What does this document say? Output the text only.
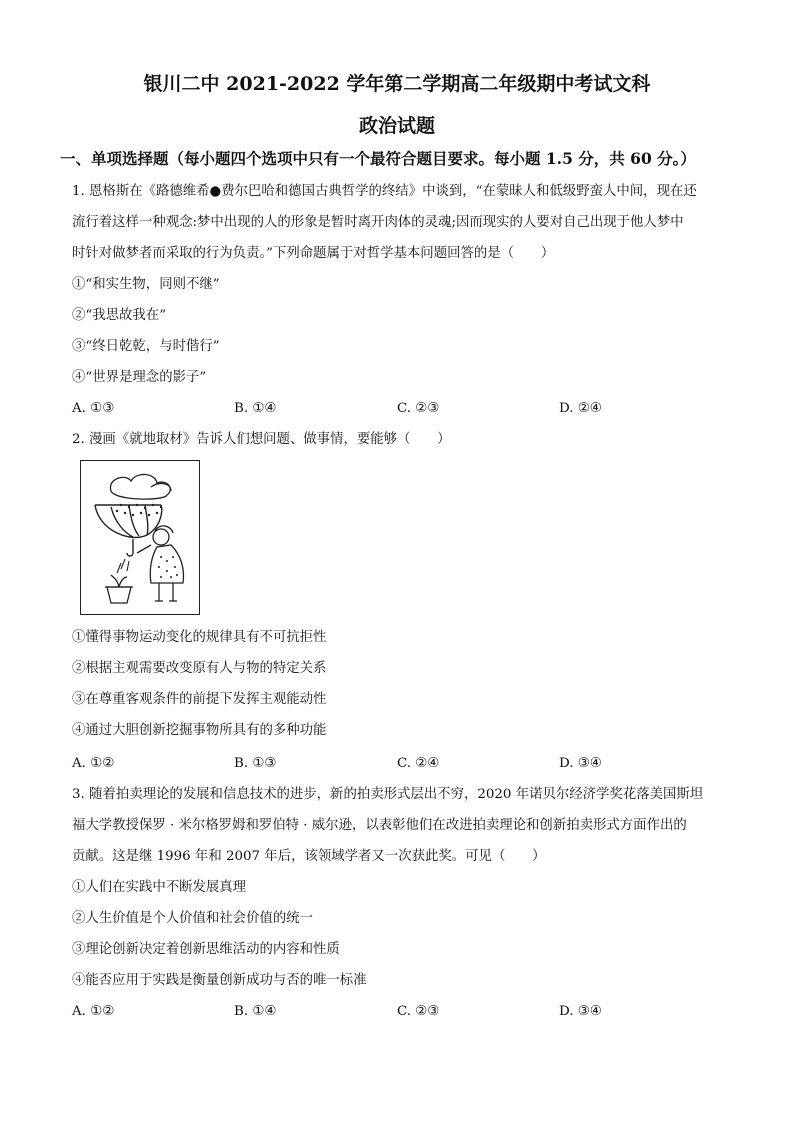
银川二中 2021-2022 学年第二学期高二年级期中考试文科
政治试题
一、单项选择题（每小题四个选项中只有一个最符合题目要求。每小题 1.5 分，共 60 分。）
1. 恩格斯在《路德维希●费尔巴哈和德国古典哲学的终结》中谈到，“在蒙昧人和低级野蛮人中间，现在还
流行着这样一种观念:梦中出现的人的形象是暂时离开肉体的灵魂;因而现实的人要对自己出现于他人梦中
时针对做梦者而采取的行为负责。”下列命题属于对哲学基本问题回答的是（　　）
①“和实生物，同则不继”
②“我思故我在”
③“终日乾乾，与时偕行”
④“世界是理念的影子”
A. ①③	B. ①④	C. ②③	D. ②④
2. 漫画《就地取材》告诉人们想问题、做事情，要能够（　　）
①懂得事物运动变化的规律具有不可抗拒性
②根据主观需要改变原有人与物的特定关系
③在尊重客观条件的前提下发挥主观能动性
④通过大胆创新挖掘事物所具有的多种功能
A. ①②	B. ①③	C. ②④	D. ③④
3. 随着拍卖理论的发展和信息技术的进步，新的拍卖形式层出不穷，2020 年诺贝尔经济学奖花落美国斯坦
福大学教授保罗 · 米尔格罗姆和罗伯特 · 威尔逊，以表彰他们在改进拍卖理论和创新拍卖形式方面作出的
贡献。这是继 1996 年和 2007 年后，该领域学者又一次获此奖。可见（　　）
①人们在实践中不断发展真理
②人生价值是个人价值和社会价值的统一
③理论创新决定着创新思维活动的内容和性质
④能否应用于实践是衡量创新成功与否的唯一标准
A. ①②	B. ①④	C. ②③	D. ③④
